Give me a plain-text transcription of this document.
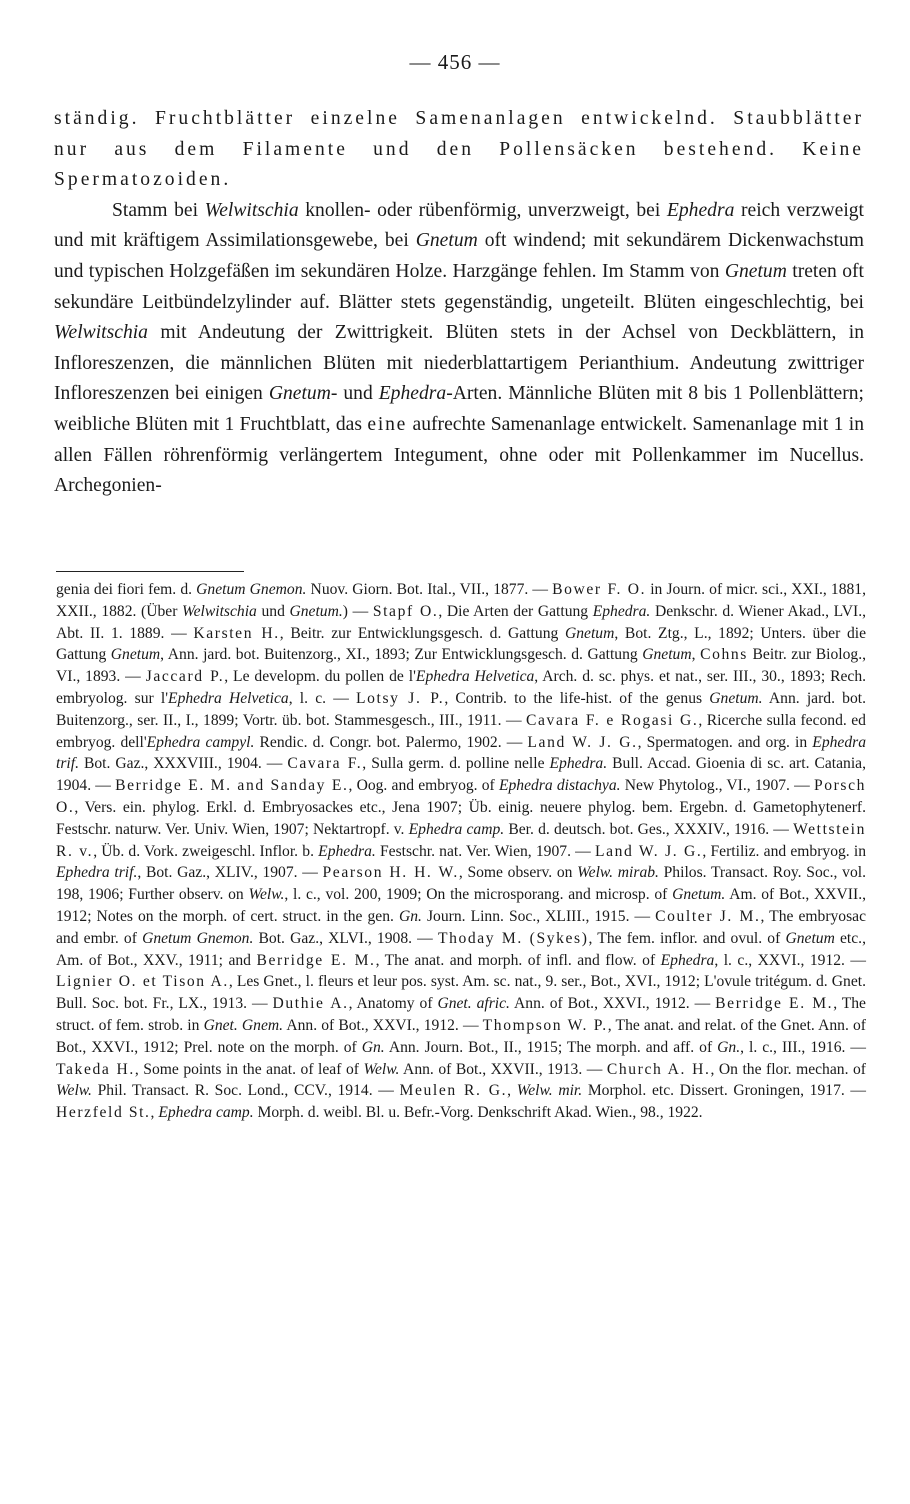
— 456 —

ständig. Fruchtblätter einzelne Samenanlagen entwickelnd. Staubblätter nur aus dem Filamente und den Pollensäcken bestehend. Keine Spermatozoiden.

Stamm bei Welwitschia knollen- oder rübenförmig, unverzweigt, bei Ephedra reich verzweigt und mit kräftigem Assimilationsgewebe, bei Gnetum oft windend; mit sekundärem Dickenwachstum und typischen Holzgefäßen im sekundären Holze. Harzgänge fehlen. Im Stamm von Gnetum treten oft sekundäre Leitbündelzylinder auf. Blätter stets gegenständig, ungeteilt. Blüten eingeschlechtig, bei Welwitschia mit Andeutung der Zwittrigkeit. Blüten stets in der Achsel von Deckblättern, in Infloreszenzen, die männlichen Blüten mit niederblattartigem Perianthium. Andeutung zwittriger Infloreszenzen bei einigen Gnetum- und Ephedra-Arten. Männliche Blüten mit 8 bis 1 Pollenblättern; weibliche Blüten mit 1 Fruchtblatt, das eine aufrechte Samenanlage entwickelt. Samenanlage mit 1 in allen Fällen röhrenförmig verlängertem Integument, ohne oder mit Pollenkammer im Nucellus. Archegonien-

genia dei fiori fem. d. Gnetum Gnemon. Nuov. Giorn. Bot. Ital., VII., 1877. — Bower F. O. in Journ. of micr. sci., XXI., 1881, XXII., 1882. (Über Welwitschia und Gnetum.) — Stapf O., Die Arten der Gattung Ephedra. Denkschr. d. Wiener Akad., LVI., Abt. II. 1. 1889. — Karsten H., Beitr. zur Entwicklungsgesch. d. Gattung Gnetum, Bot. Ztg., L., 1892; Unters. über die Gattung Gnetum, Ann. jard. bot. Buitenzorg., XI., 1893; Zur Entwicklungsgesch. d. Gattung Gnetum, Cohns Beitr. zur Biolog., VI., 1893. — Jaccard P., Le developm. du pollen de l'Ephedra Helvetica, Arch. d. sc. phys. et nat., ser. III., 30., 1893; Rech. embryolog. sur l'Ephedra Helvetica, l. c. — Lotsy J. P., Contrib. to the life-hist. of the genus Gnetum. Ann. jard. bot. Buitenzorg., ser. II., I., 1899; Vortr. üb. bot. Stammesgesch., III., 1911. — Cavara F. e Rogasi G., Ricerche sulla fecond. ed embryog. dell'Ephedra campyl. Rendic. d. Congr. bot. Palermo, 1902. — Land W. J. G., Spermatogen. and org. in Ephedra trif. Bot. Gaz., XXXVIII., 1904. — Cavara F., Sulla germ. d. polline nelle Ephedra. Bull. Accad. Gioenia di sc. art. Catania, 1904. — Berridge E. M. and Sanday E., Oog. and embryog. of Ephedra distachya. New Phytolog., VI., 1907. — Porsch O., Vers. ein. phylog. Erkl. d. Embryosackes etc., Jena 1907; Üb. einig. neuere phylog. bem. Ergebn. d. Gametophytenerf. Festschr. naturw. Ver. Univ. Wien, 1907; Nektartropf. v. Ephedra camp. Ber. d. deutsch. bot. Ges., XXXIV., 1916. — Wettstein R. v., Üb. d. Vork. zweigeschl. Inflor. b. Ephedra. Festschr. nat. Ver. Wien, 1907. — Land W. J. G., Fertiliz. and embryog. in Ephedra trif., Bot. Gaz., XLIV., 1907. — Pearson H. H. W., Some observ. on Welw. mirab. Philos. Transact. Roy. Soc., vol. 198, 1906; Further observ. on Welw., l. c., vol. 200, 1909; On the microsporang. and microsp. of Gnetum. Am. of Bot., XXVII., 1912; Notes on the morph. of cert. struct. in the gen. Gn. Journ. Linn. Soc., XLIII., 1915. — Coulter J. M., The embryosac and embr. of Gnetum Gnemon. Bot. Gaz., XLVI., 1908. — Thoday M. (Sykes), The fem. inflor. and ovul. of Gnetum etc., Am. of Bot., XXV., 1911; and Berridge E. M., The anat. and morph. of infl. and flow. of Ephedra, l. c., XXVI., 1912. — Lignier O. et Tison A., Les Gnet., l. fleurs et leur pos. syst. Am. sc. nat., 9. ser., Bot., XVI., 1912; L'ovule tritégum. d. Gnet. Bull. Soc. bot. Fr., LX., 1913. — Duthie A., Anatomy of Gnet. afric. Ann. of Bot., XXVI., 1912. — Berridge E. M., The struct. of fem. strob. in Gnet. Gnem. Ann. of Bot., XXVI., 1912. — Thompson W. P., The anat. and relat. of the Gnet. Ann. of Bot., XXVI., 1912; Prel. note on the morph. of Gn. Ann. Journ. Bot., II., 1915; The morph. and aff. of Gn., l. c., III., 1916. — Takeda H., Some points in the anat. of leaf of Welw. Ann. of Bot., XXVII., 1913. — Church A. H., On the flor. mechan. of Welw. Phil. Transact. R. Soc. Lond., CCV., 1914. — Meulen R. G., Welw. mir. Morphol. etc. Dissert. Groningen, 1917. — Herzfeld St., Ephedra camp. Morph. d. weibl. Bl. u. Befr.-Vorg. Denkschrift Akad. Wien., 98., 1922.
